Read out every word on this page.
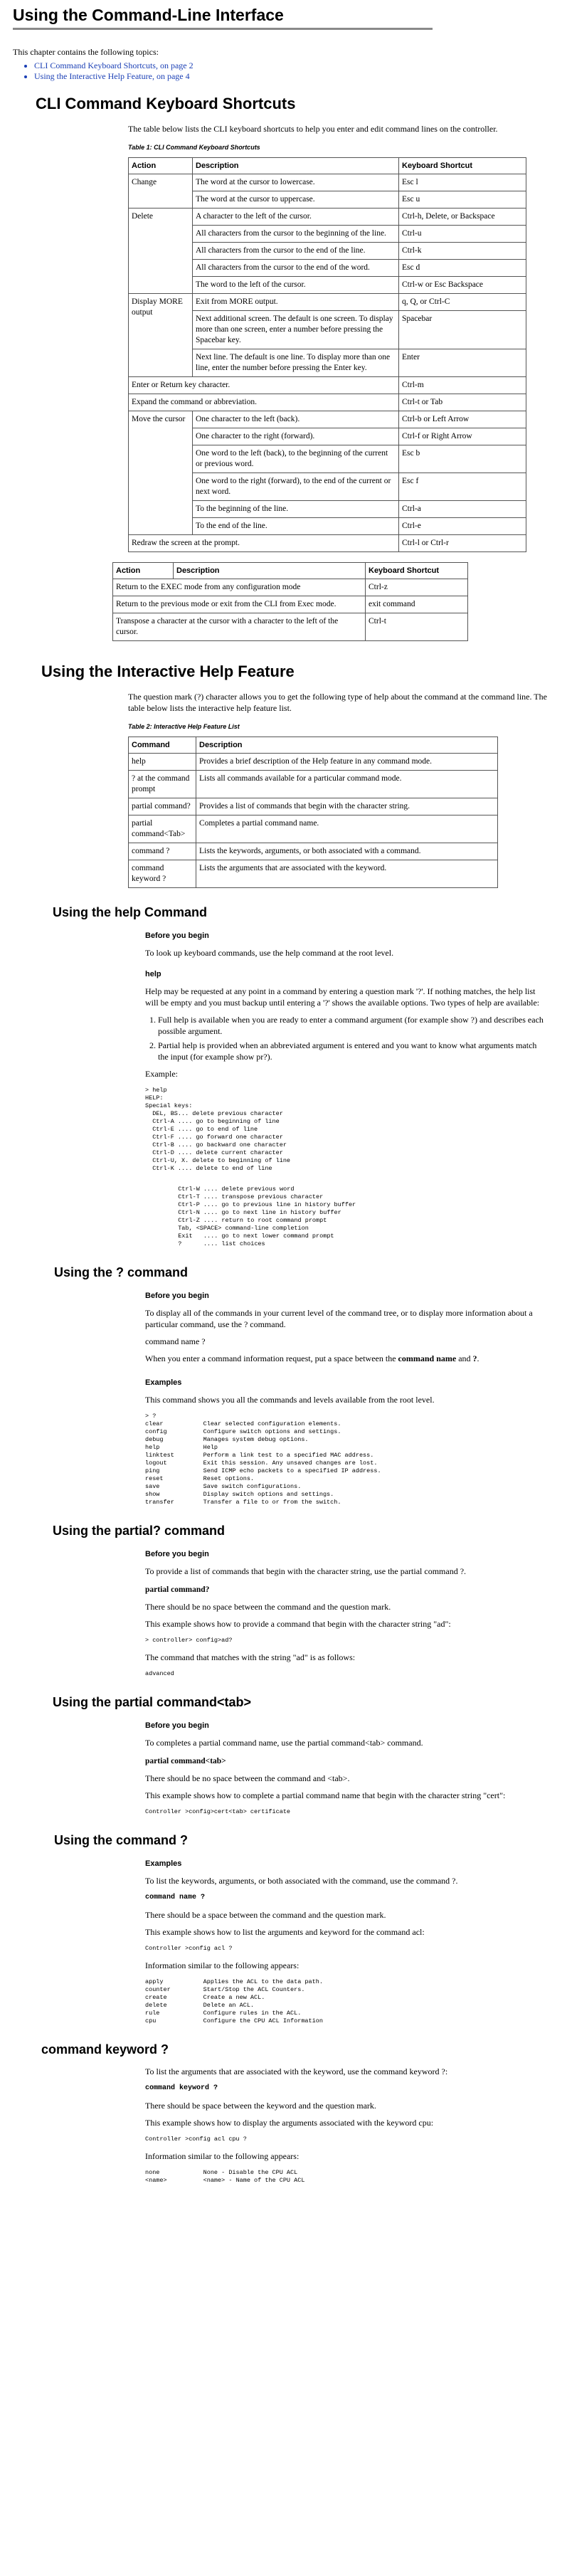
Using the Command-Line Interface
This chapter contains the following topics:
• CLI Command Keyboard Shortcuts, on page 2
• Using the Interactive Help Feature, on page 4
CLI Command Keyboard Shortcuts

The table below lists the CLI keyboard shortcuts to help you enter and edit command lines on the controller.

Table 1: CLI Command Keyboard Shortcuts
Action	Description	Keyboard Shortcut
Change	The word at the cursor to lowercase.	Esc l
	The word at the cursor to uppercase.	Esc u
Delete	A character to the left of the cursor.	Ctrl-h, Delete, or Backspace
	All characters from the cursor to the beginning of the line.	Ctrl-u
	All characters from the cursor to the end of the line.	Ctrl-k
	All characters from the cursor to the end of the word.	Esc d
	The word to the left of the cursor.	Ctrl-w or Esc Backspace
Display MORE output	Exit from MORE output.	q, Q, or Ctrl-C
	Next additional screen. The default is one screen. To display more than one screen, enter a number before pressing the Spacebar key.	Spacebar
	Next line. The default is one line. To display more than one line, enter the number before pressing the Enter key.	Enter
Enter or Return key character.		Ctrl-m
Expand the command or abbreviation.		Ctrl-t or Tab
Move the cursor	One character to the left (back).	Ctrl-b or Left Arrow
	One character to the right (forward).	Ctrl-f or Right Arrow
	One word to the left (back), to the beginning of the current or previous word.	Esc b
	One word to the right (forward), to the end of the current or next word.	Esc f
	To the beginning of the line.	Ctrl-a
	To the end of the line.	Ctrl-e
Redraw the screen at the prompt.		Ctrl-l or Ctrl-r
Action	Description	Keyboard Shortcut
Return to the EXEC mode from any configuration mode		Ctrl-z
Return to the previous mode or exit from the CLI from Exec mode.		exit command
Transpose a character at the cursor with a character to the left of the cursor.		Ctrl-t
Using the Interactive Help Feature

The question mark (?) character allows you to get the following type of help about the command at the command line. The table below lists the interactive help feature list.

Table 2: Interactive Help Feature List
Command	Description
help	Provides a brief description of the Help feature in any command mode.
? at the command prompt	Lists all commands available for a particular command mode.
partial command?	Provides a list of commands that begin with the character string.
partial command<Tab>	Completes a partial command name.
command ?	Lists the keywords, arguments, or both associated with a command.
command keyword ?	Lists the arguments that are associated with the keyword.
Using the help Command
Before you begin

To look up keyboard commands, use the help command at the root level.

help

Help may be requested at any point in a command by entering a question mark '?'. If nothing matches, the help list will be empty and you must backup until entering a '?' shows the available options. Two types of help are available:

1. Full help is available when you are ready to enter a command argument (for example show ?) and describes each possible argument.
2. Partial help is provided when an abbreviated argument is entered and you want to know what arguments match the input (for example show pr?).

Example:

> help
HELP:
Special keys:
DEL, BS... delete previous character
Ctrl-A .... go to beginning of line
Ctrl-E .... go to end of line
Ctrl-F .... go forward one character
Ctrl-B .... go backward one character
Ctrl-D .... delete current character
Ctrl-U, X. delete to beginning of line
Ctrl-K .... delete to end of line
Ctrl-W .... delete previous word
Ctrl-T .... transpose previous character
Ctrl-P .... go to previous line in history buffer
Ctrl-N .... go to next line in history buffer
Ctrl-Z .... return to root command prompt
Tab, <SPACE> command-line completion
Exit   .... go to next lower command prompt
?      .... list choices
Using the ? command
Before you begin

To display all of the commands in your current level of the command tree, or to display more information about a particular command, use the ? command.

command name ?

When you enter a command information request, put a space between the command name and ?.

Examples

This command shows you all the commands and levels available from the root level.

> ?
clear           Clear selected configuration elements.
config          Configure switch options and settings.
debug           Manages system debug options.
help            Help
linktest        Perform a link test to a specified MAC address.
logout          Exit this session. Any unsaved changes are lost.
ping            Send ICMP echo packets to a specified IP address.
reset           Reset options.
save            Save switch configurations.
show            Display switch options and settings.
transfer        Transfer a file to or from the switch.
Using the partial? command
Before you begin

To provide a list of commands that begin with the character string, use the partial command ?.

partial command?

There should be no space between the command and the question mark.

This example shows how to provide a command that begin with the character string "ad":

> controller> config>ad?

The command that matches with the string "ad" is as follows:

advanced
Using the partial command<tab>
Before you begin

To completes a partial command name, use the partial command<tab> command.

partial command<tab>

There should be no space between the command and <tab>.

This example shows how to complete a partial command name that begin with the character string "cert":

Controller >config>cert<tab> certificate
Using the command ?
Examples

To list the keywords, arguments, or both associated with the command, use the command ?.

command name ?

There should be a space between the command and the question mark.

This example shows how to list the arguments and keyword for the command acl:

Controller >config acl ?

Information similar to the following appears:

apply           Applies the ACL to the data path.
counter         Start/Stop the ACL Counters.
create          Create a new ACL.
delete          Delete an ACL.
rule            Configure rules in the ACL.
cpu             Configure the CPU ACL Information
command keyword ?

To list the arguments that are associated with the keyword, use the command keyword ?:

command keyword ?

There should be space between the keyword and the question mark.

This example shows how to display the arguments associated with the keyword cpu:

Controller >config acl cpu ?

Information similar to the following appears:

none            None - Disable the CPU ACL
<name>          <name> - Name of the CPU ACL
